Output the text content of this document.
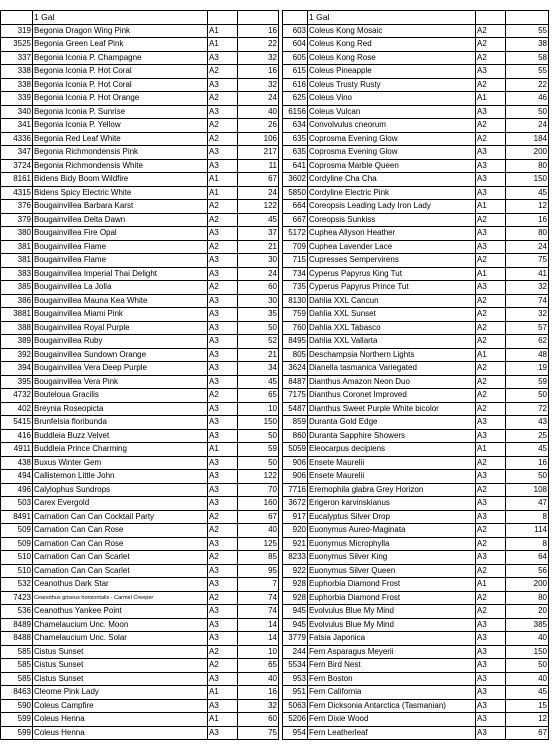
	1 Gal		
319	Begonia Dragon Wing Pink	A1	16
3525	Begonia Green Leaf Pink	A1	22
337	Begonia Iconia P. Champagne	A3	32
338	Begonia Iconia P. Hot Coral	A2	16
338	Begonia Iconia P. Hot Coral	A3	32
339	Begonia Iconia P. Hot Orange	A2	24
340	Begonia Iconia P. Sunrise	A3	40
341	Begonia Iconia P. Yellow	A2	26
4336	Begonia Red Leaf White	A2	106
347	Begonia Richmondensis Pink	A3	217
3724	Begonia Richmondensis White	A3	11
8161	Bidens Bidy Boom Wildfire	A1	67
4315	Bidens Spicy Electric White	A1	24
376	Bougainvillea Barbara Karst	A2	122
379	Bougainvillea Delta Dawn	A2	45
380	Bougainvillea Fire Opal	A3	37
381	Bougainvillea Flame	A2	21
381	Bougainvillea Flame	A3	30
383	Bougainvillea Imperial Thai Delight	A3	24
385	Bougainvillea La Jolla	A2	60
386	Bougainvillea Mauna Kea White	A3	30
3881	Bougainvillea Miami Pink	A3	35
388	Bougainvillea Royal Purple	A3	50
389	Bougainvillea Ruby	A3	52
392	Bougainvillea Sundown Orange	A3	21
394	Bougainvillea Vera Deep Purple	A3	34
395	Bougainvillea Vera Pink	A3	45
4732	Bouteloua Gracilis	A2	65
402	Breynia Roseopicta	A3	10
5415	Brunfelsia floribunda	A3	150
416	Buddleia Buzz Velvet	A3	50
4911	Buddleia Prince Charming	A1	59
438	Buxus Winter Gem	A3	50
494	Callistemon Little John	A3	122
496	Calylophus Sundrops	A3	70
503	Carex Evergold	A3	160
8491	Carnation Can Can Cocktail Party	A2	67
509	Carnation Can Can Rose	A2	40
509	Carnation Can Can Rose	A3	125
510	Carnation Can Can Scarlet	A2	85
510	Carnation Can Can Scarlet	A3	95
532	Ceanothus Dark Star	A3	7
7423	Ceanothus griseus horizontalis - Carmel Creeper	A2	74
536	Ceanothus Yankee Point	A3	74
8489	Chamelaucium Unc. Moon	A3	14
8488	Chamelaucium Unc. Solar	A3	14
585	Cistus Sunset	A2	10
585	Cistus Sunset	A2	65
585	Cistus Sunset	A3	40
8463	Cleome Pink Lady	A1	16
590	Coleus Campfire	A3	32
599	Coleus Henna	A1	60
599	Coleus Henna	A3	75
	1 Gal		
603	Coleus Kong Mosaic	A2	55
604	Coleus Kong Red	A2	38
605	Coleus Kong Rose	A2	58
615	Coleus Pineapple	A3	55
616	Coleus Trusty Rusty	A2	22
625	Coleus Vino	A1	46
6156	Coleus Vulcan	A3	50
634	Convolvulus cneorum	A2	24
635	Coprosma Evening Glow	A2	184
635	Coprosma Evening Glow	A3	200
641	Coprosma Marble Queen	A3	80
3602	Cordyline Cha Cha	A3	150
5850	Cordyline Electric Pink	A3	45
664	Coreopsis Leading Lady Iron Lady	A1	12
667	Coreopsis Sunkiss	A2	16
5172	Cuphea Allyson Heather	A3	80
709	Cuphea Lavender Lace	A3	24
715	Cupresses Sempervirens	A2	75
734	Cyperus Papyrus King Tut	A1	41
735	Cyperus Papyrus Prince Tut	A3	32
8130	Dahlia XXL Cancun	A2	74
759	Dahlia XXL Sunset	A2	32
760	Dahlia XXL Tabasco	A2	57
8495	Dahlia XXL Vallarta	A2	62
805	Deschampsia Northern Lights	A1	48
3624	Dianella tasmanica Variegated	A2	19
8487	Dianthus Amazon Neon Duo	A2	59
7175	Dianthus Coronet Improved	A2	50
5487	Dianthus Sweet Purple White bicolor	A2	72
859	Duranta Gold Edge	A3	43
860	Duranta Sapphire Showers	A3	25
5059	Eleocarpus decipiens	A1	45
906	Ensete Maurelii	A2	16
906	Ensete Maurelii	A3	50
7716	Eremophila glabra Grey Horizon	A2	108
3672	Erigeron karvinskianus	A3	47
917	Eucalyptus Silver Drop	A3	8
920	Euonymus Aureo-Maginata	A2	114
921	Euonymus Microphylla	A2	8
8233	Euonymus Silver King	A3	64
922	Euonymus Silver Queen	A2	56
928	Euphorbia Diamond Frost	A1	200
928	Euphorbia Diamond Frost	A2	80
945	Evolvulus Blue My Mind	A2	20
945	Evolvulus Blue My Mind	A3	385
3779	Fatsia Japonica	A3	40
244	Fern Asparagus Meyerii	A3	150
5534	Fern Bird Nest	A3	50
953	Fern Boston	A3	40
951	Fern California	A3	45
5063	Fern Dicksonia Antarctica (Tasmanian)	A3	15
5206	Fern Dixie Wood	A3	12
954	Fern Leatherleaf	A3	67
